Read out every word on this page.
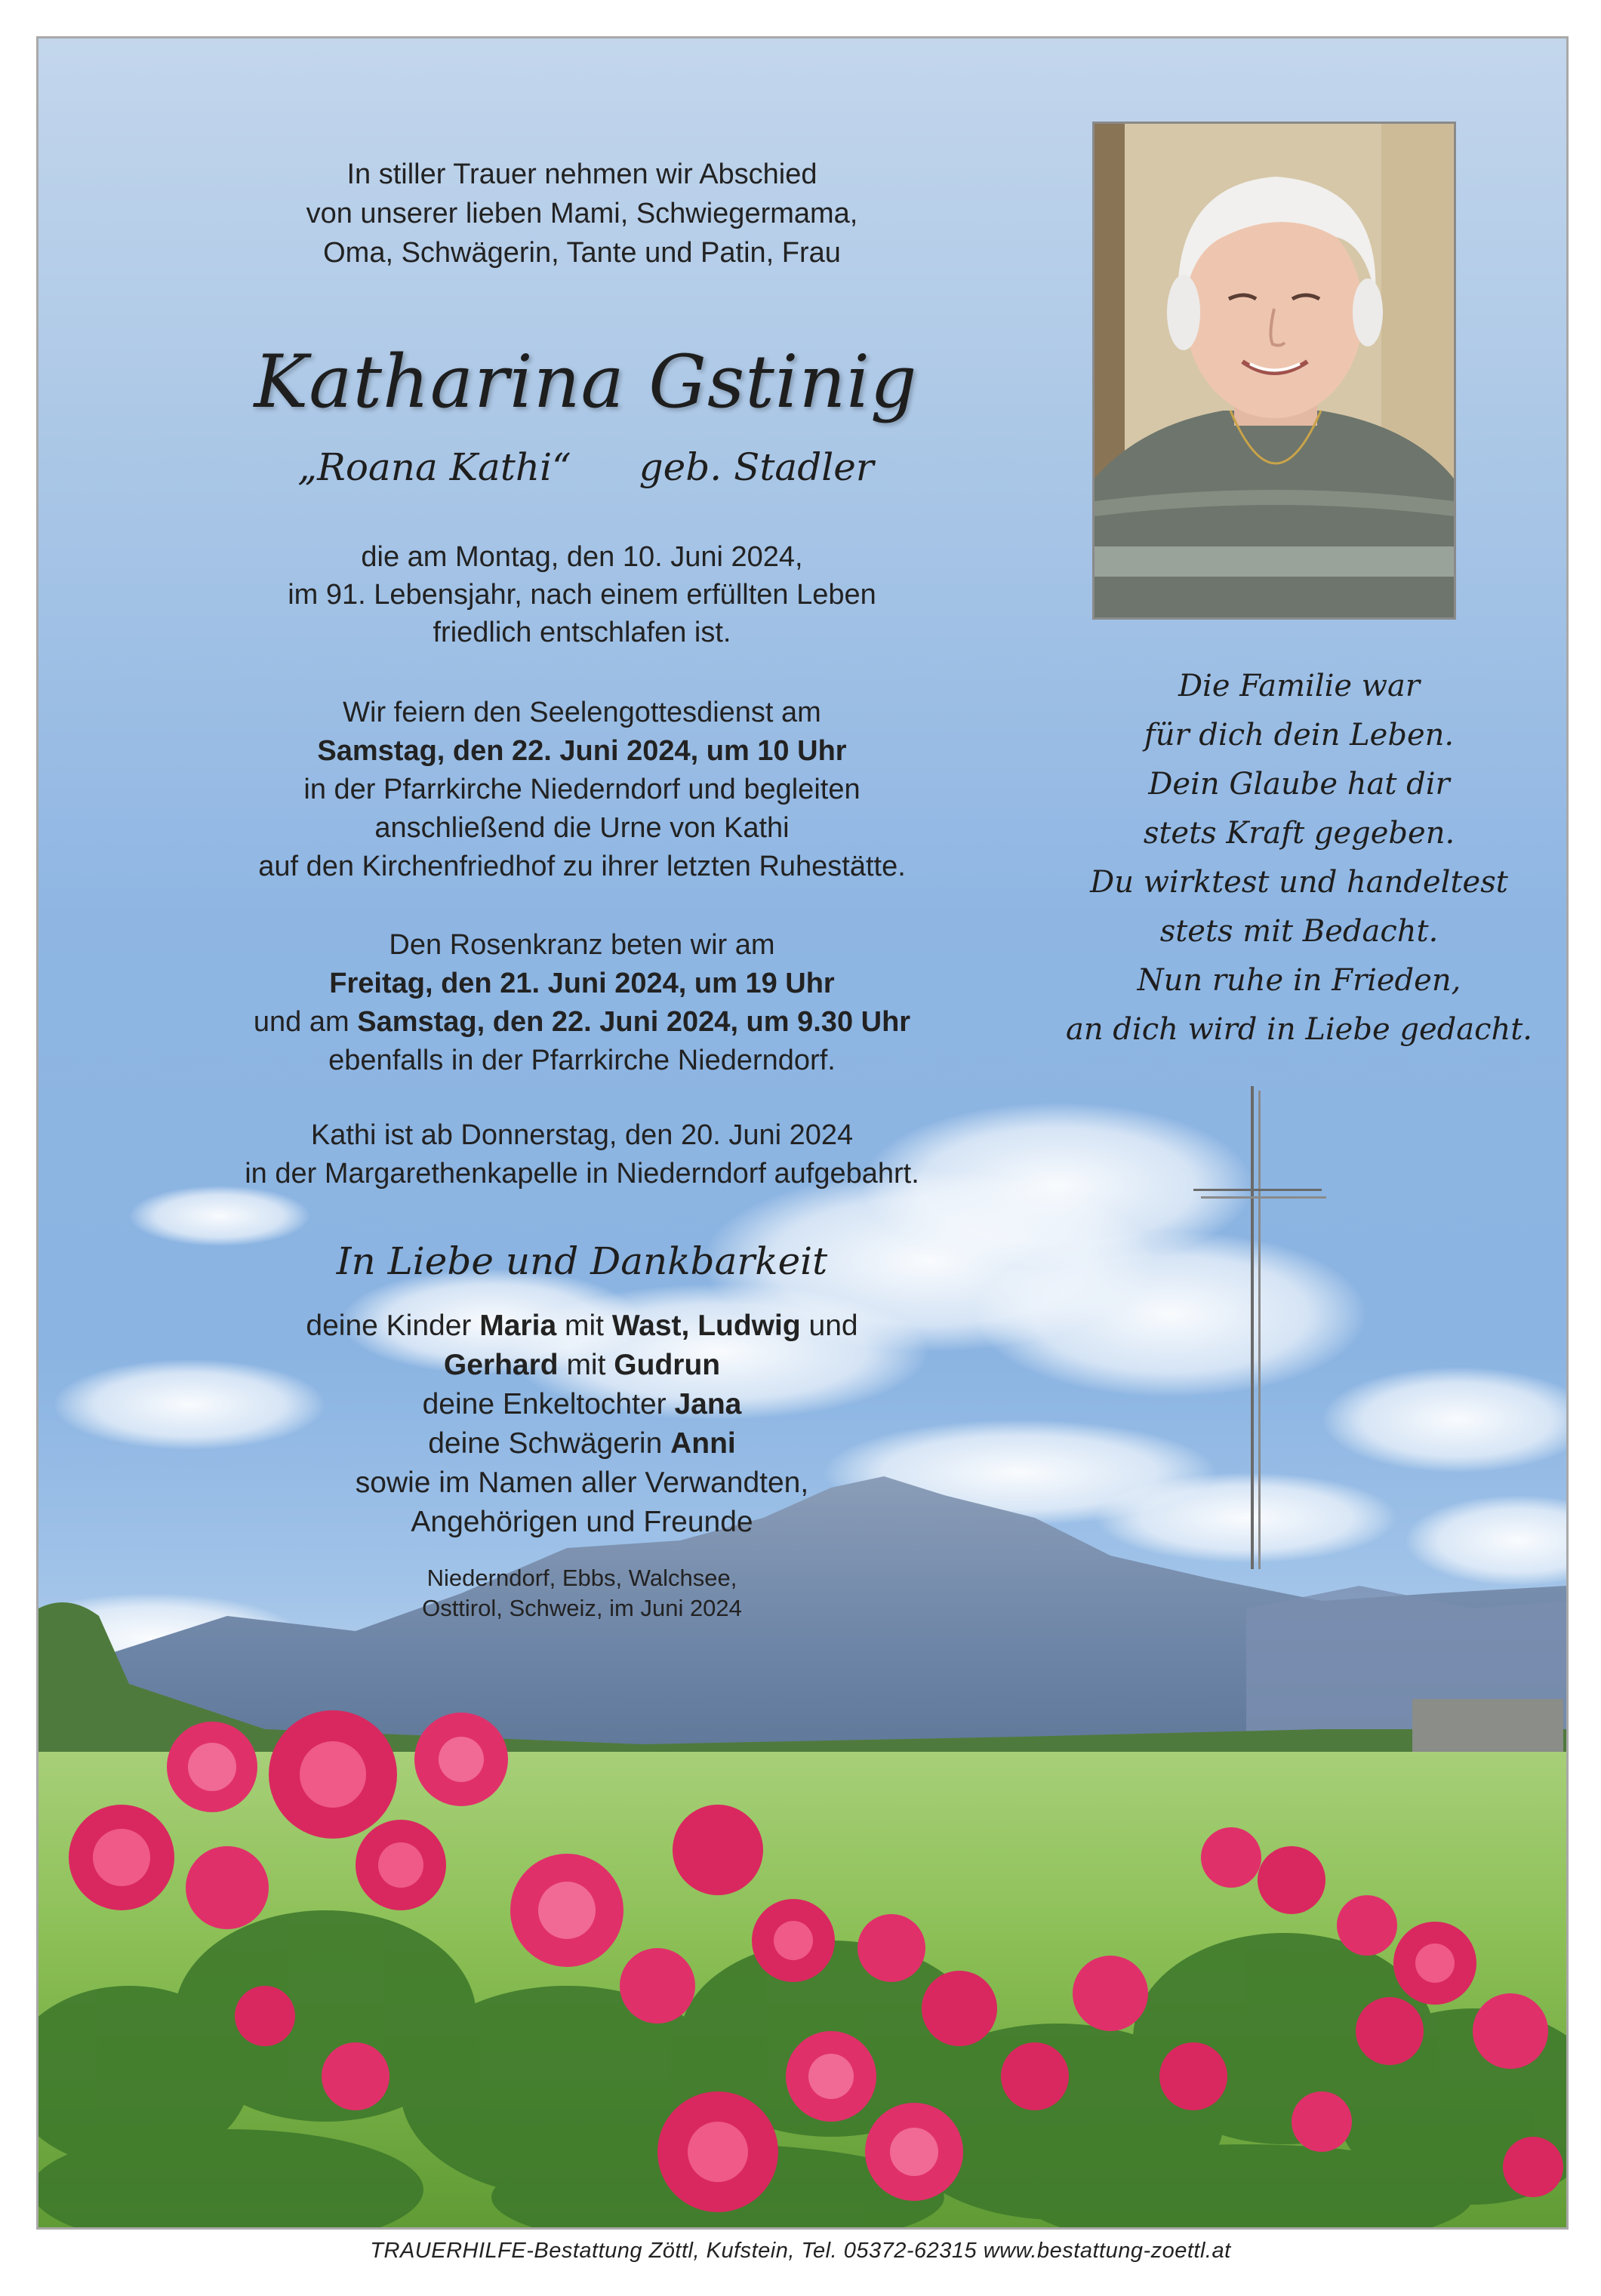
In stiller Trauer nehmen wir Abschied
von unserer lieben Mami, Schwiegermama,
Oma, Schwägerin, Tante und Patin, Frau
Katharina Gstinig
„Roana Kathi“ geb. Stadler
die am Montag, den 10. Juni 2024,
im 91. Lebensjahr, nach einem erfüllten Leben
friedlich entschlafen ist.
Wir feiern den Seelengottesdienst am
Samstag, den 22. Juni 2024, um 10 Uhr
in der Pfarrkirche Niederndorf und begleiten
anschließend die Urne von Kathi
auf den Kirchenfriedhof zu ihrer letzten Ruhestätte.
Den Rosenkranz beten wir am
Freitag, den 21. Juni 2024, um 19 Uhr
und am Samstag, den 22. Juni 2024, um 9.30 Uhr
ebenfalls in der Pfarrkirche Niederndorf.
Kathi ist ab Donnerstag, den 20. Juni 2024
in der Margarethenkapelle in Niederndorf aufgebahrt.
In Liebe und Dankbarkeit
deine Kinder Maria mit Wast, Ludwig und
Gerhard mit Gudrun
deine Enkeltochter Jana
deine Schwägerin Anni
sowie im Namen aller Verwandten,
Angehörigen und Freunde
Niederndorf, Ebbs, Walchsee,
Osttirol, Schweiz, im Juni 2024
Die Familie war
für dich dein Leben.
Dein Glaube hat dir
stets Kraft gegeben.
Du wirktest und handeltest
stets mit Bedacht.
Nun ruhe in Frieden,
an dich wird in Liebe gedacht.
TRAUERHILFE-Bestattung Zöttl, Kufstein, Tel. 05372-62315 www.bestattung-zoettl.at
